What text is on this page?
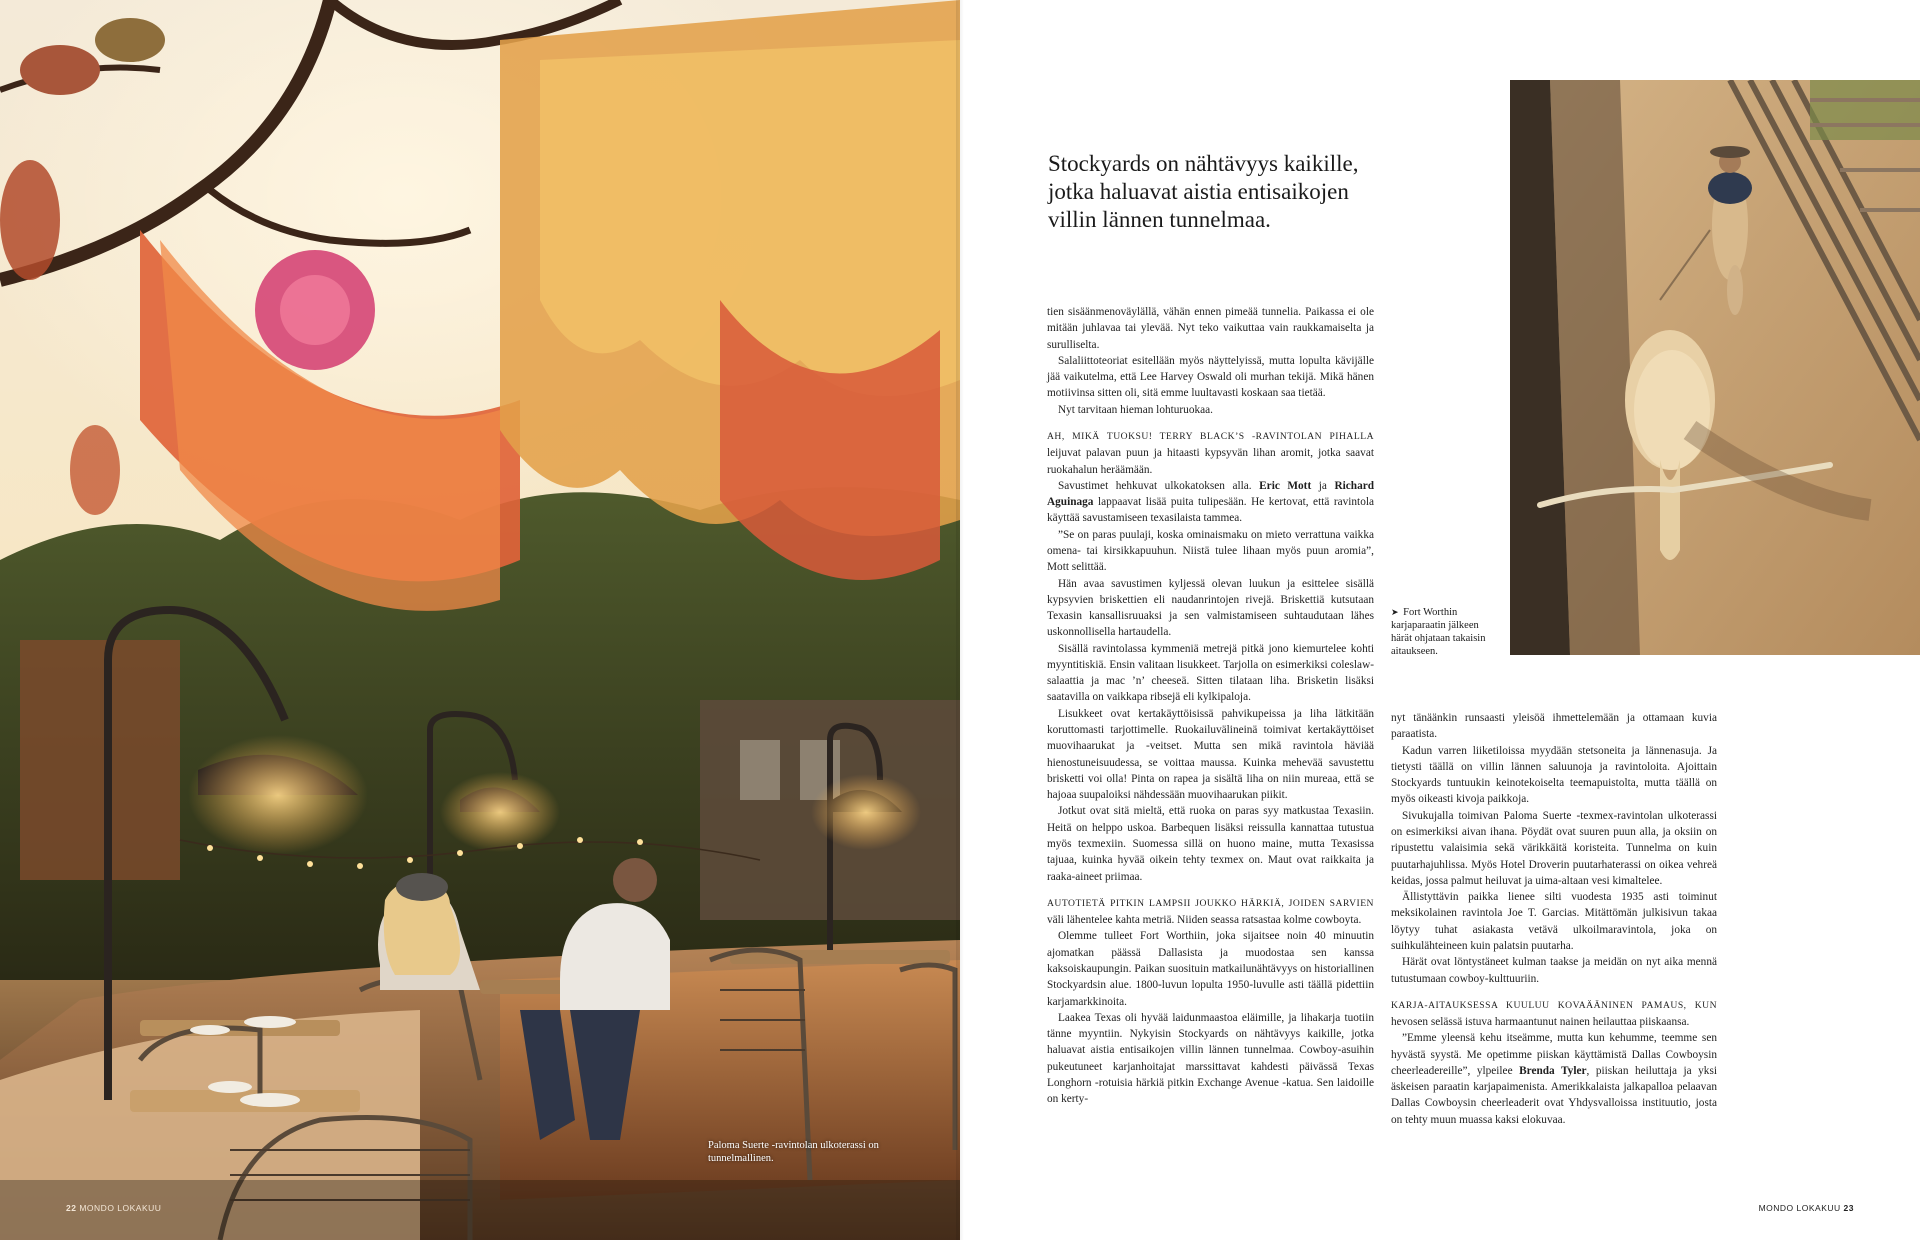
Paloma Suerte -ravintolan ulkoterassi on tunnelmallinen.
22 MONDO LOKAKUU
Stockyards on nähtävyys kaikille, jotka haluavat aistia entisaikojen villin lännen tunnelmaa.

tien sisäänmenoväylällä, vähän ennen pimeää tunnelia. Paikassa ei ole mitään juhlavaa tai ylevää. Nyt teko vaikuttaa vain raukkamaiselta ja surulliselta.

Salaliittoteoriat esitellään myös näyttelyissä, mutta lopulta kävijälle jää vaikutelma, että Lee Harvey Oswald oli murhan tekijä. Mikä hänen motiivinsa sitten oli, sitä emme luultavasti koskaan saa tietää.

Nyt tarvitaan hieman lohturuokaa.

AH, MIKÄ TUOKSU! TERRY BLACK’S -RAVINTOLAN PIHALLA leijuvat palavan puun ja hitaasti kypsyvän lihan aromit, jotka saavat ruokahalun heräämään.

Savustimet hehkuvat ulkokatoksen alla. Eric Mott ja Richard Aguinaga lappaavat lisää puita tulipesään. He kertovat, että ravintola käyttää savustamiseen texasilaista tammea.

”Se on paras puulaji, koska ominaismaku on mieto verrattuna vaikka omena- tai kirsikkapuuhun. Niistä tulee lihaan myös puun aromia”, Mott selittää.

Hän avaa savustimen kyljessä olevan luukun ja esittelee sisällä kypsyvien briskettien eli naudanrintojen rivejä. Briskettiä kutsutaan Texasin kansallisruuaksi ja sen valmistamiseen suhtaudutaan lähes uskonnollisella hartaudella.

Sisällä ravintolassa kymmeniä metrejä pitkä jono kiemurtelee kohti myyntitiskiä. Ensin valitaan lisukkeet. Tarjolla on esimerkiksi coleslaw-salaattia ja mac ’n’ cheeseä. Sitten tilataan liha. Brisketin lisäksi saatavilla on vaikkapa ribsejä eli kylkipaloja.

Lisukkeet ovat kertakäyttöisissä pahvikupeissa ja liha lätkitään koruttomasti tarjottimelle. Ruokailuvälineinä toimivat kertakäyttöiset muovihaarukat ja -veitset. Mutta sen mikä ravintola häviää hienostuneisuudessa, se voittaa maussa. Kuinka mehevää savustettu brisketti voi olla! Pinta on rapea ja sisältä liha on niin mureaa, että se hajoaa suupaloiksi nähdessään muovihaarukan piikit.

Jotkut ovat sitä mieltä, että ruoka on paras syy matkustaa Texasiin. Heitä on helppo uskoa. Barbequen lisäksi reissulla kannattaa tutustua myös texmexiin. Suomessa sillä on huono maine, mutta Texasissa tajuaa, kuinka hyvää oikein tehty texmex on. Maut ovat raikkaita ja raaka-aineet priimaa.

AUTOTIETÄ PITKIN LAMPSII JOUKKO HÄRKIÄ, JOIDEN SARVIEN väli lähentelee kahta metriä. Niiden seassa ratsastaa kolme cowboyta.

Olemme tulleet Fort Worthiin, joka sijaitsee noin 40 minuutin ajomatkan päässä Dallasista ja muodostaa sen kanssa kaksoiskaupungin. Paikan suosituin matkailunähtävyys on historiallinen Stockyardsin alue. 1800-luvun lopulta 1950-luvulle asti täällä pidettiin karjamarkkinoita.

Laakea Texas oli hyvää laidunmaastoa eläimille, ja lihakarja tuotiin tänne myyntiin. Nykyisin Stockyards on nähtävyys kaikille, jotka haluavat aistia entisaikojen villin lännen tunnelmaa. Cowboy-asuihin pukeutuneet karjanhoitajat marssittavat kahdesti päivässä Texas Longhorn -rotuisia härkiä pitkin Exchange Avenue -katua. Sen laidoille on kerty-

➤ Fort Worthin karjaparaatin jälkeen härät ohjataan takaisin aitaukseen.

nyt tänäänkin runsaasti yleisöä ihmettelemään ja ottamaan kuvia paraatista.

Kadun varren liiketiloissa myydään stetsoneita ja lännenasuja. Ja tietysti täällä on villin lännen saluunoja ja ravintoloita. Ajoittain Stockyards tuntuukin keinotekoiselta teemapuistolta, mutta täällä on myös oikeasti kivoja paikkoja.

Sivukujalla toimivan Paloma Suerte -texmex-ravintolan ulkoterassi on esimerkiksi aivan ihana. Pöydät ovat suuren puun alla, ja oksiin on ripustettu valaisimia sekä värikkäitä koristeita. Tunnelma on kuin puutarhajuhlissa. Myös Hotel Droverin puutarhaterassi on oikea vehreä keidas, jossa palmut heiluvat ja uima-altaan vesi kimaltelee.

Ällistyttävin paikka lienee silti vuodesta 1935 asti toiminut meksikolainen ravintola Joe T. Garcias. Mitättömän julkisivun takaa löytyy tuhat asiakasta vetävä ulkoilmaravintola, joka on suihkulähteineen kuin palatsin puutarha.

Härät ovat löntystäneet kulman taakse ja meidän on nyt aika mennä tutustumaan cowboy-kulttuuriin.

KARJA-AITAUKSESSA KUULUU KOVAÄÄNINEN PAMAUS, KUN hevosen selässä istuva harmaantunut nainen heilauttaa piiskaansa.

”Emme yleensä kehu itseämme, mutta kun kehumme, teemme sen hyvästä syystä. Me opetimme piiskan käyttämistä Dallas Cowboysin cheerleadereille”, ylpeilee Brenda Tyler, piiskan heiluttaja ja yksi äskeisen paraatin karjapaimenista. Amerikkalaista jalkapalloa pelaavan Dallas Cowboysin cheerleaderit ovat Yhdysvalloissa instituutio, josta on tehty muun muassa kaksi elokuvaa.

MONDO LOKAKUU 23
